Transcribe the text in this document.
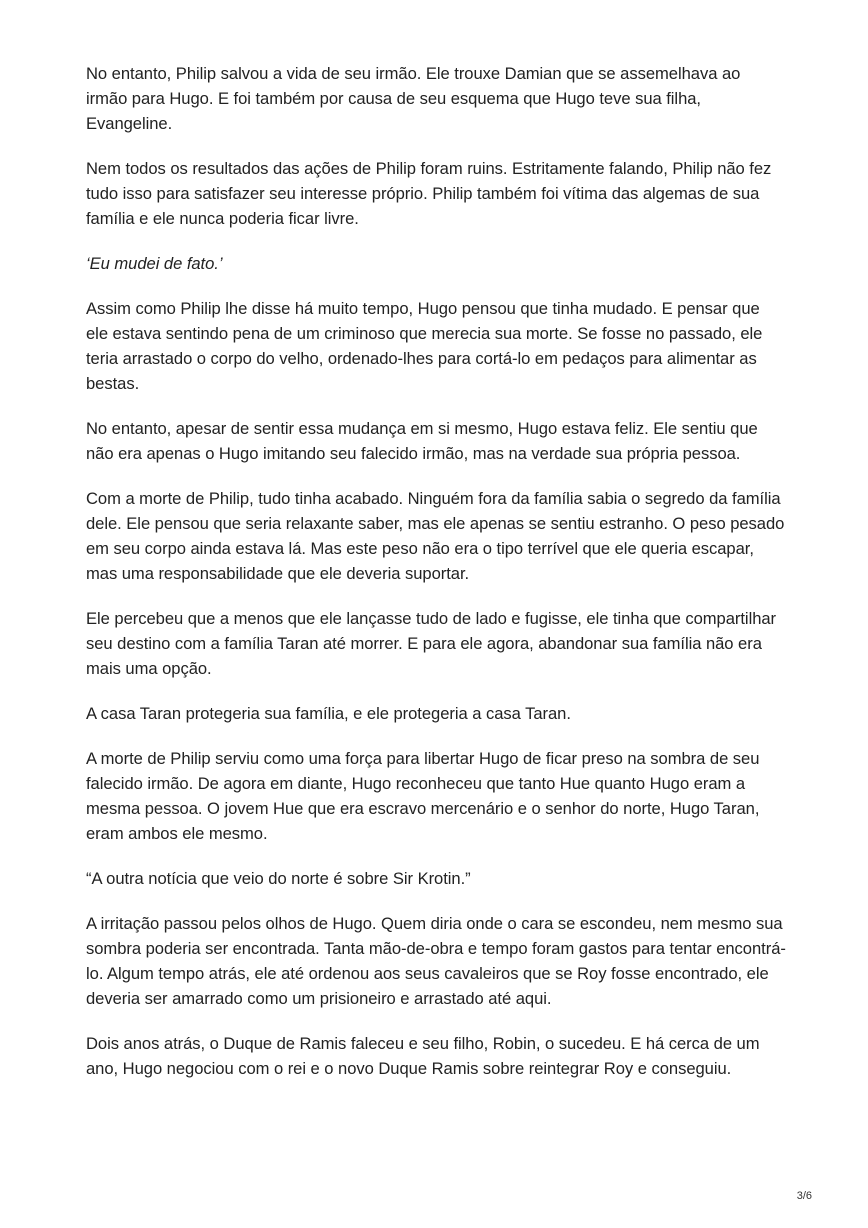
No entanto, Philip salvou a vida de seu irmão. Ele trouxe Damian que se assemelhava ao irmão para Hugo. E foi também por causa de seu esquema que Hugo teve sua filha, Evangeline.

Nem todos os resultados das ações de Philip foram ruins. Estritamente falando, Philip não fez tudo isso para satisfazer seu interesse próprio. Philip também foi vítima das algemas de sua família e ele nunca poderia ficar livre.

‘Eu mudei de fato.’

Assim como Philip lhe disse há muito tempo, Hugo pensou que tinha mudado. E pensar que ele estava sentindo pena de um criminoso que merecia sua morte. Se fosse no passado, ele teria arrastado o corpo do velho, ordenado-lhes para cortá-lo em pedaços para alimentar as bestas.

No entanto, apesar de sentir essa mudança em si mesmo, Hugo estava feliz. Ele sentiu que não era apenas o Hugo imitando seu falecido irmão, mas na verdade sua própria pessoa.

Com a morte de Philip, tudo tinha acabado. Ninguém fora da família sabia o segredo da família dele. Ele pensou que seria relaxante saber, mas ele apenas se sentiu estranho. O peso pesado em seu corpo ainda estava lá. Mas este peso não era o tipo terrível que ele queria escapar, mas uma responsabilidade que ele deveria suportar.

Ele percebeu que a menos que ele lançasse tudo de lado e fugisse, ele tinha que compartilhar seu destino com a família Taran até morrer. E para ele agora, abandonar sua família não era mais uma opção.

A casa Taran protegeria sua família, e ele protegeria a casa Taran.

A morte de Philip serviu como uma força para libertar Hugo de ficar preso na sombra de seu falecido irmão. De agora em diante, Hugo reconheceu que tanto Hue quanto Hugo eram a mesma pessoa. O jovem Hue que era escravo mercenário e o senhor do norte, Hugo Taran, eram ambos ele mesmo.

“A outra notícia que veio do norte é sobre Sir Krotin.”

A irritação passou pelos olhos de Hugo. Quem diria onde o cara se escondeu, nem mesmo sua sombra poderia ser encontrada. Tanta mão-de-obra e tempo foram gastos para tentar encontrá-lo. Algum tempo atrás, ele até ordenou aos seus cavaleiros que se Roy fosse encontrado, ele deveria ser amarrado como um prisioneiro e arrastado até aqui.

Dois anos atrás, o Duque de Ramis faleceu e seu filho, Robin, o sucedeu. E há cerca de um ano, Hugo negociou com o rei e o novo Duque Ramis sobre reintegrar Roy e conseguiu.

3/6
